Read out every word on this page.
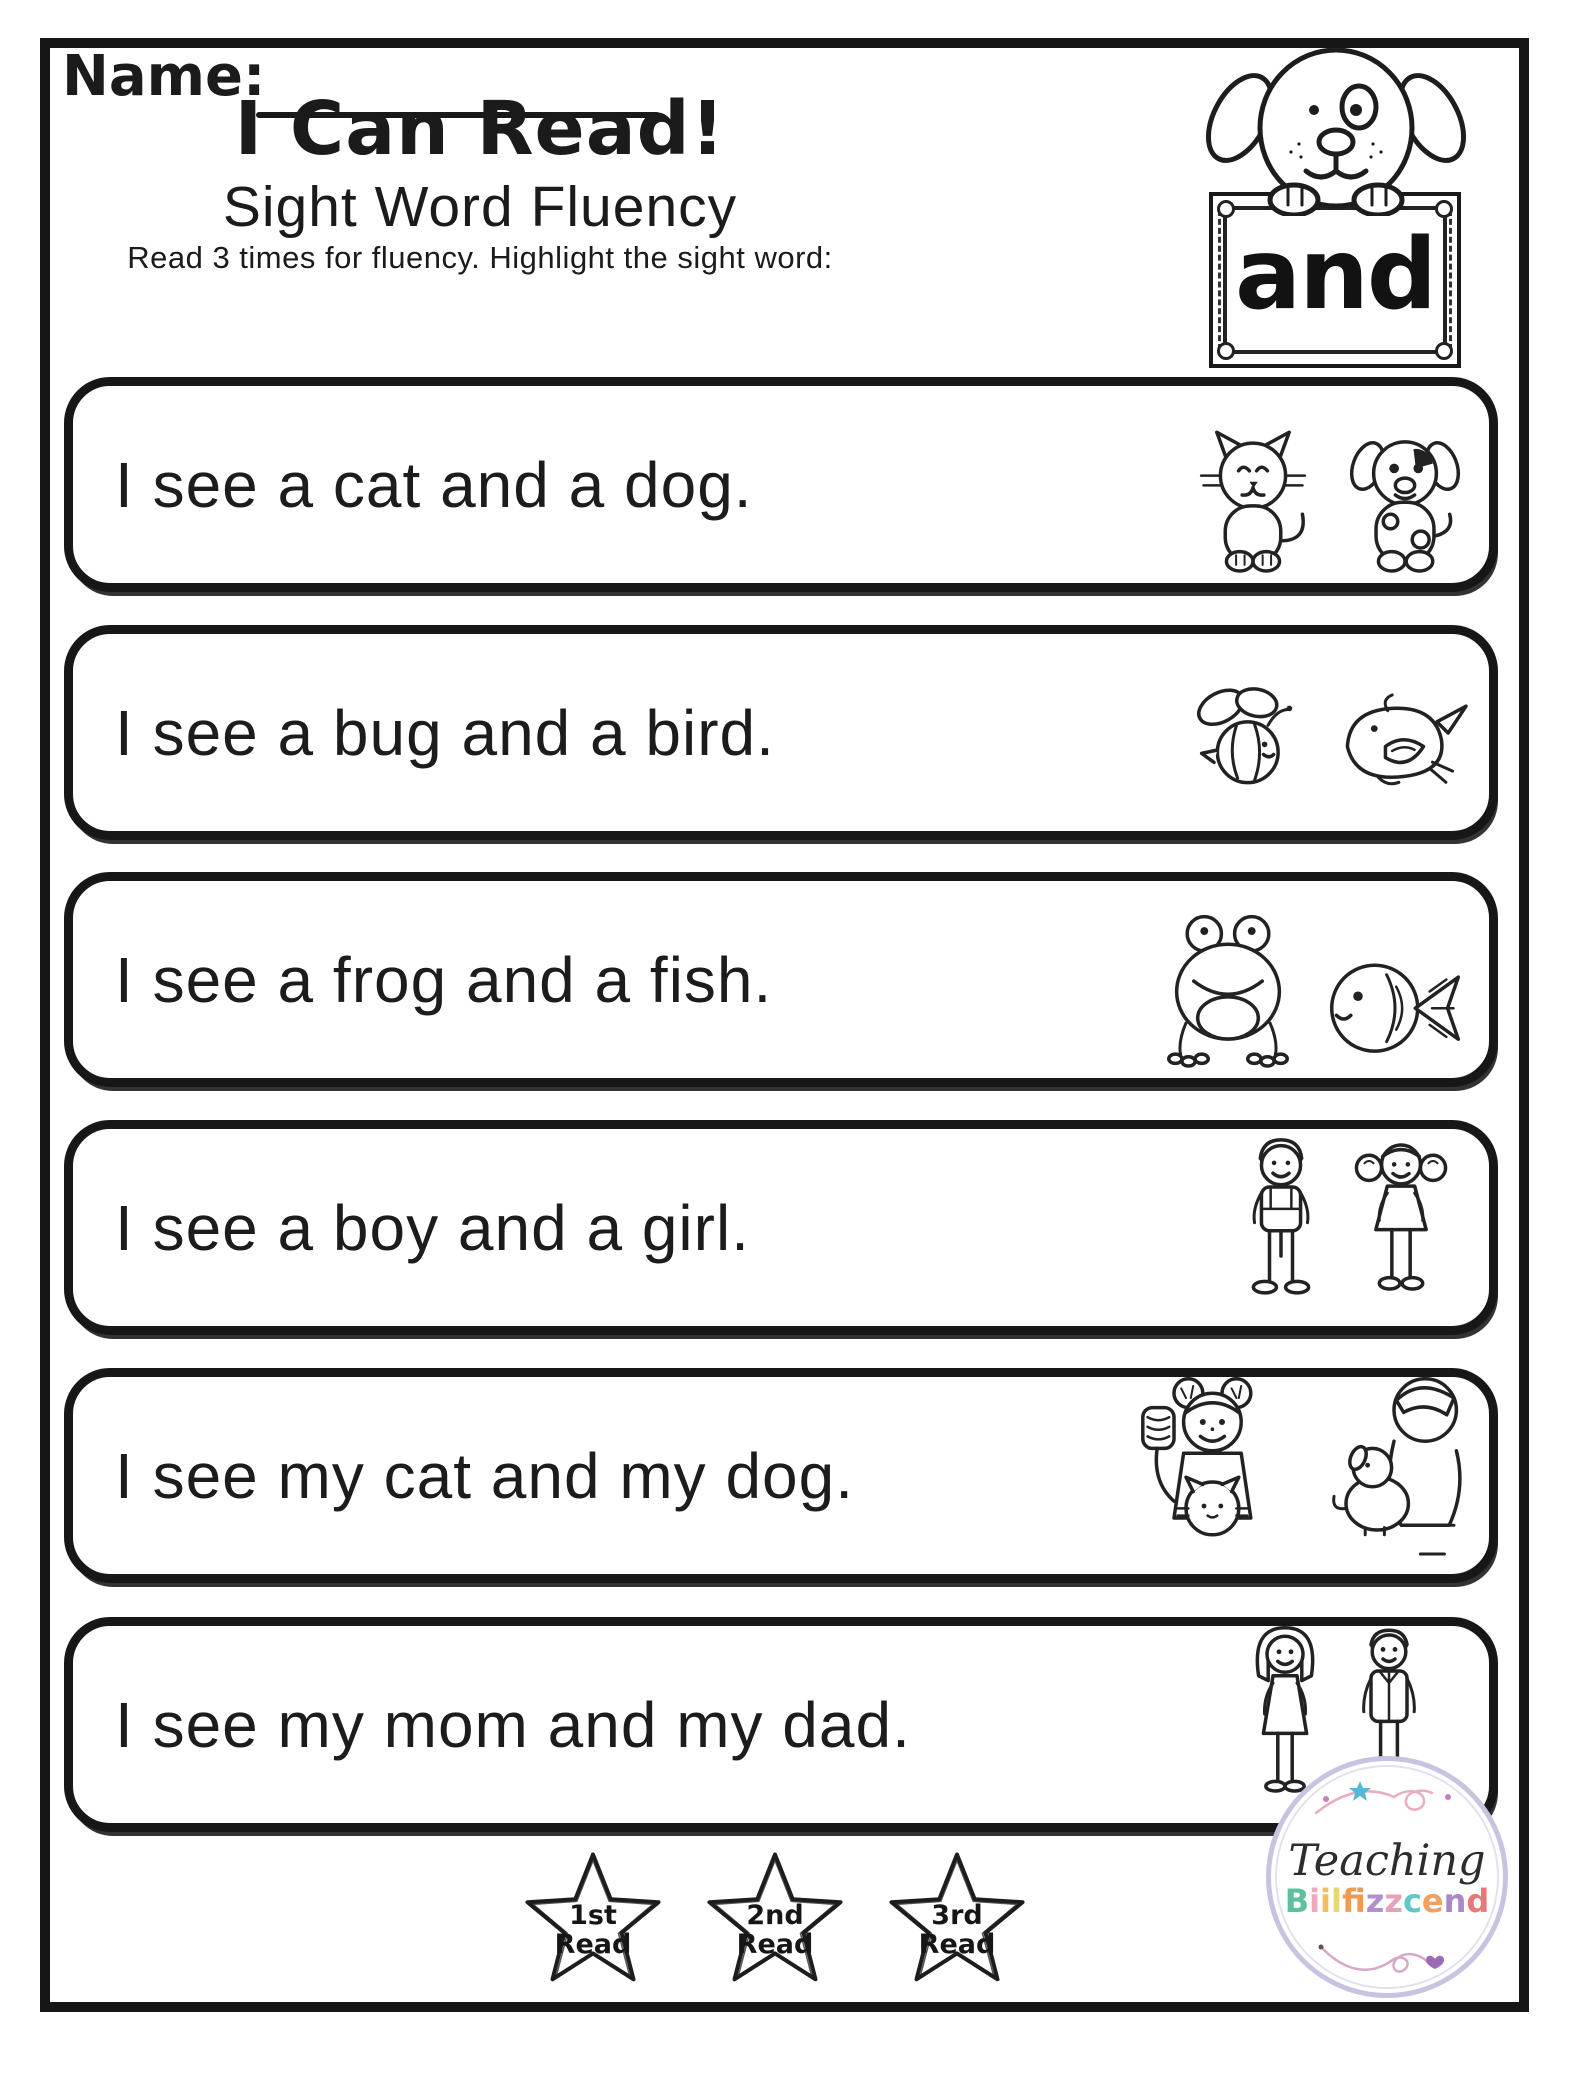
Name:
I Can Read!
Sight Word Fluency
Read 3 times for fluency. Highlight the sight word:	and
I see a cat and a dog.
I see a bug and a bird.
I see a frog and a fish.
I see a boy and a girl.
I see my cat and my dog.
I see my mom and my dad.
1st
Read
2nd
Read
3rd
Read
Teaching
Biilfzzcend
